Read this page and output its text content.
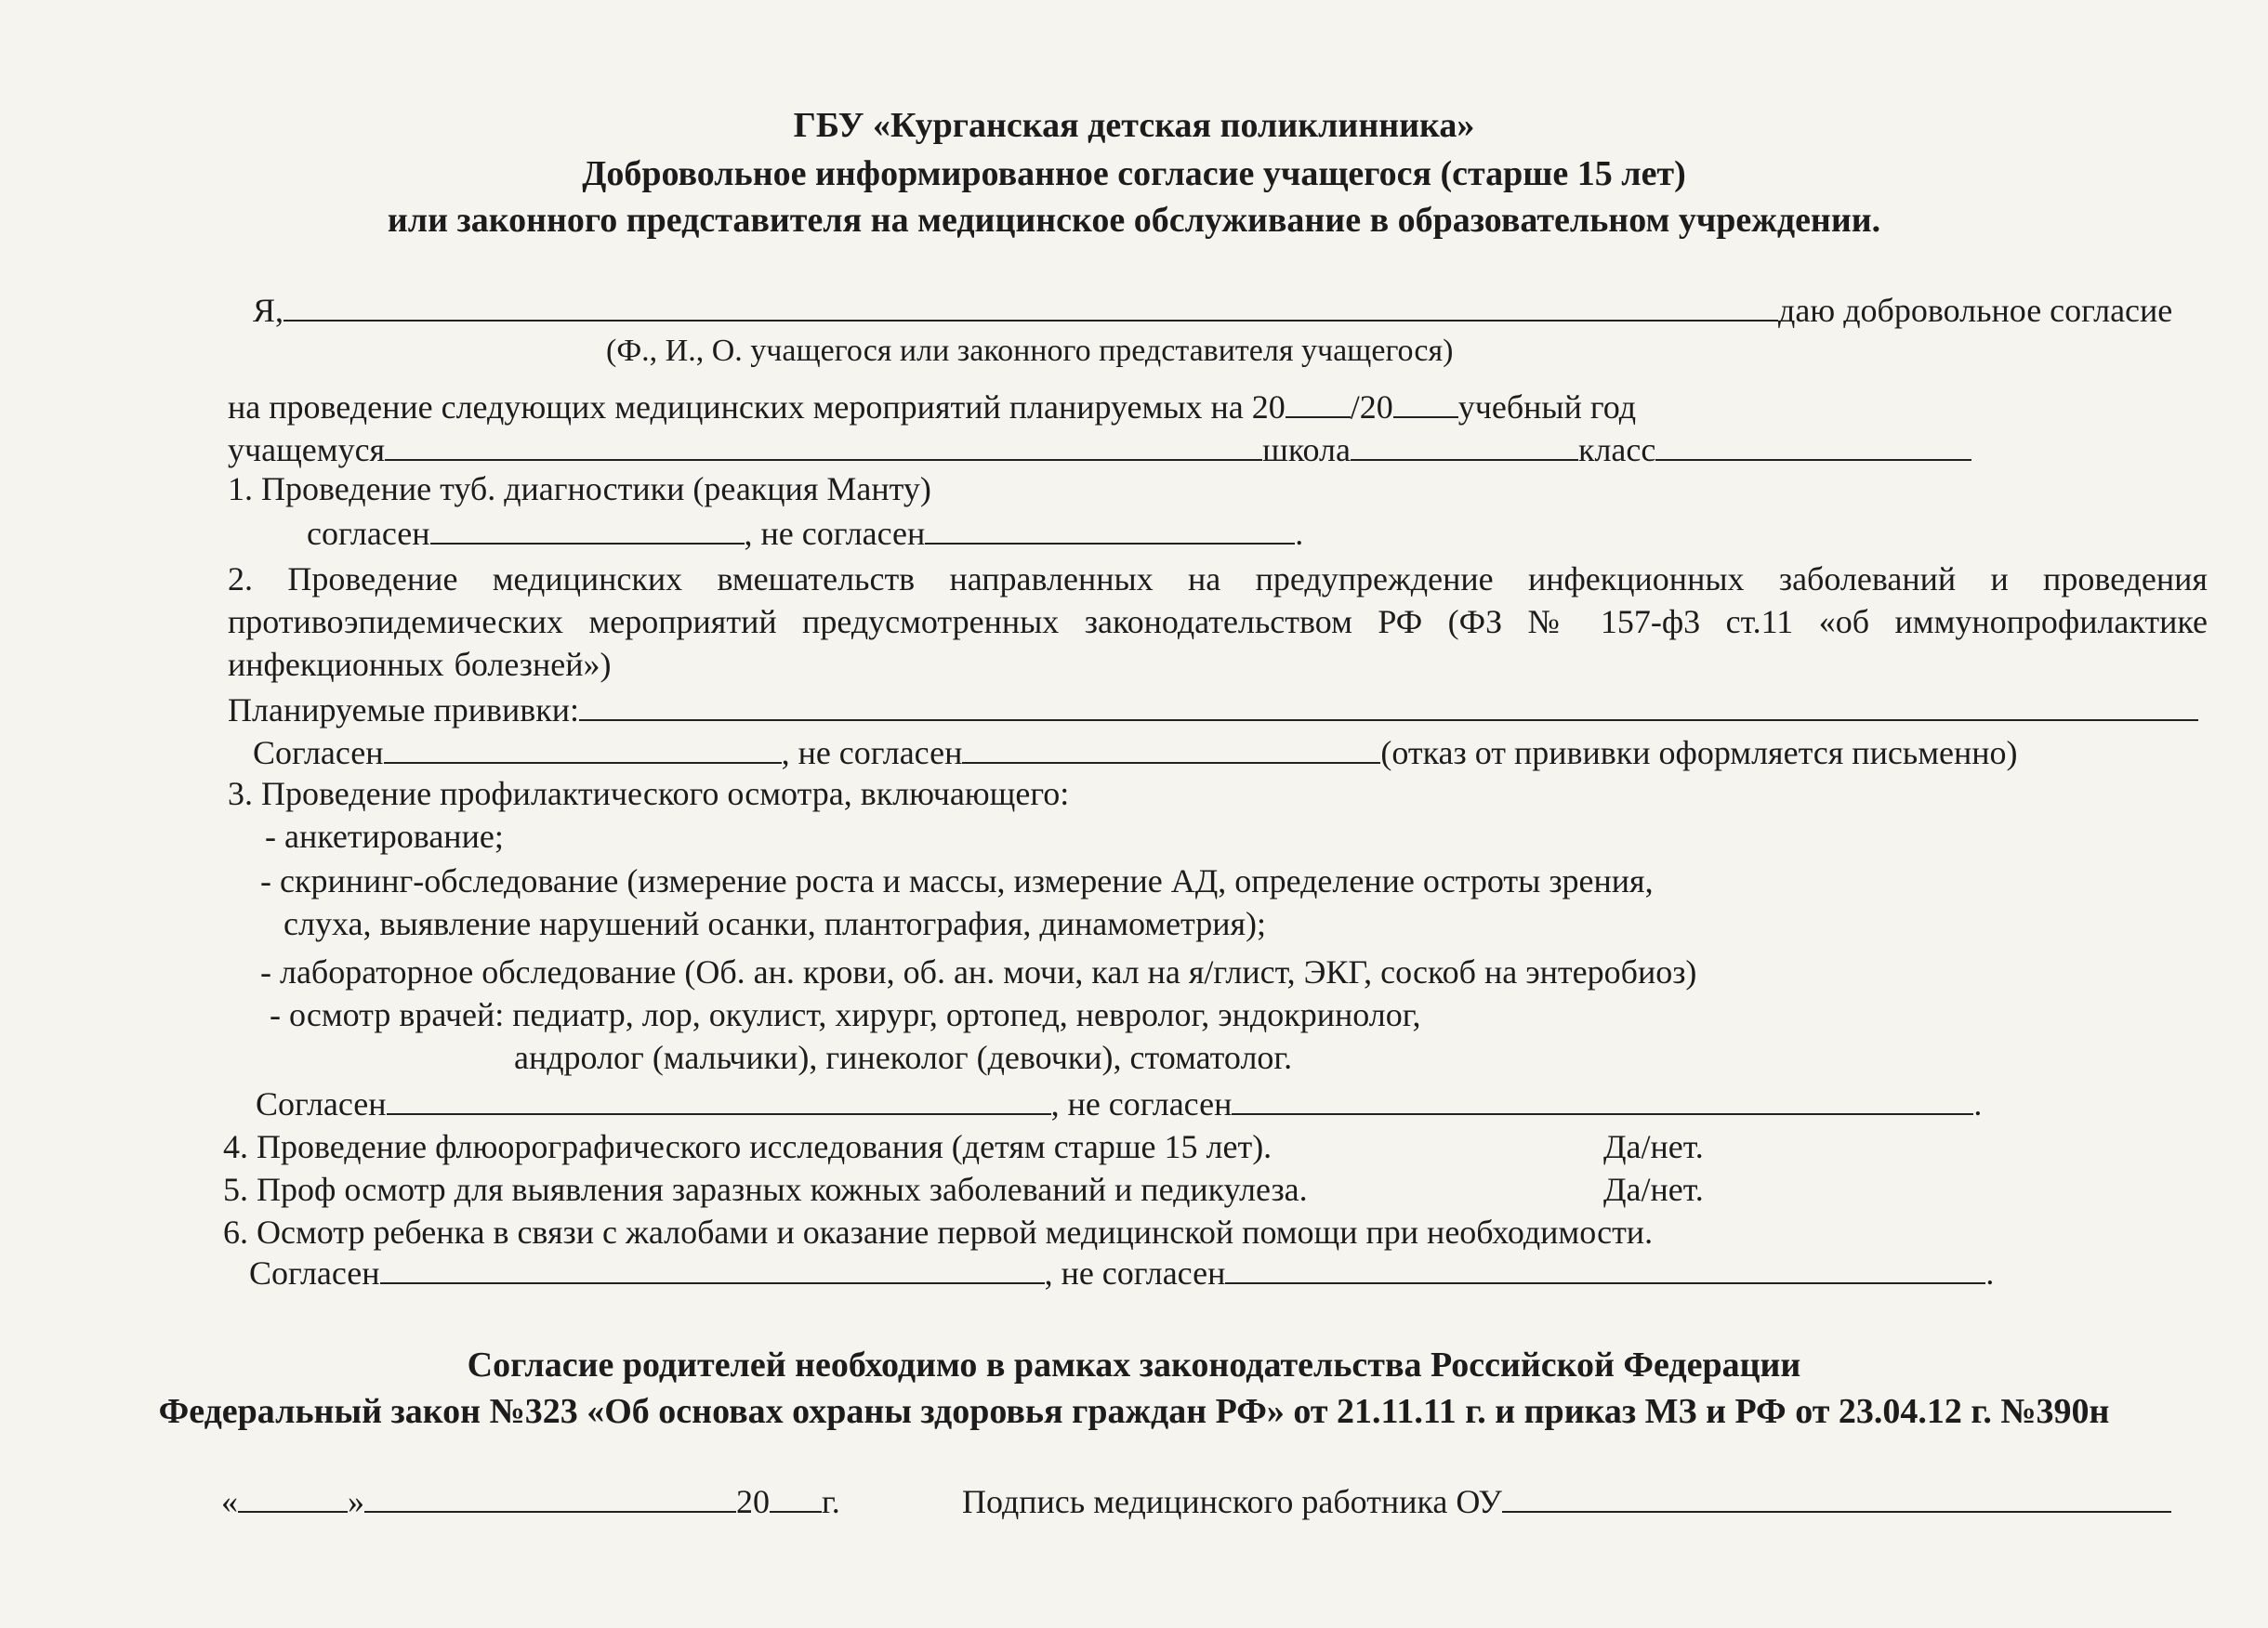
ГБУ «Курганская детская поликлинника»
Добровольное информированное согласие учащегося (старше 15 лет)
или законного представителя на медицинское обслуживание в образовательном учреждении.
Я,	даю добровольное согласие
(Ф., И., О. учащегося или законного представителя учащегося)
на проведение следующих медицинских мероприятий планируемых на 20 /20 учебный год
учащемуся	школа	класс
1. Проведение туб. диагностики (реакция Манту)
согласен	, не согласен	.
2. Проведение медицинских вмешательств направленных на предупреждение инфекционных заболеваний и проведения противоэпидемических мероприятий предусмотренных законодательством РФ (ФЗ № 157-ф3 ст.11 «об иммунопрофилактике инфекционных болезней»)
Планируемые прививки:
Согласен	, не согласен	(отказ от прививки оформляется письменно)
3. Проведение профилактического осмотра, включающего:
- анкетирование;
- скрининг-обследование (измерение роста и массы, измерение АД, определение остроты зрения,
слуха, выявление нарушений осанки, плантография, динамометрия);
- лабораторное обследование (Об. ан. крови, об. ан. мочи, кал на я/глист, ЭКГ, соскоб на энтеробиоз)
- осмотр врачей: педиатр, лор, окулист, хирург, ортопед, невролог, эндокринолог,
андролог (мальчики), гинеколог (девочки), стоматолог.
Согласен	, не согласен	.
4. Проведение флюорографического исследования (детям старше 15 лет).	Да/нет.
5. Проф осмотр для выявления заразных кожных заболеваний и педикулеза.	Да/нет.
6. Осмотр ребенка в связи с жалобами и оказание первой медицинской помощи при необходимости.
Согласен	, не согласен	.
Согласие родителей необходимо в рамках законодательства Российской Федерации
Федеральный закон №323 «Об основах охраны здоровья граждан РФ» от 21.11.11 г. и приказ МЗ и РФ от 23.04.12 г. №390н
«	»	20 г.	Подпись медицинского работника ОУ
